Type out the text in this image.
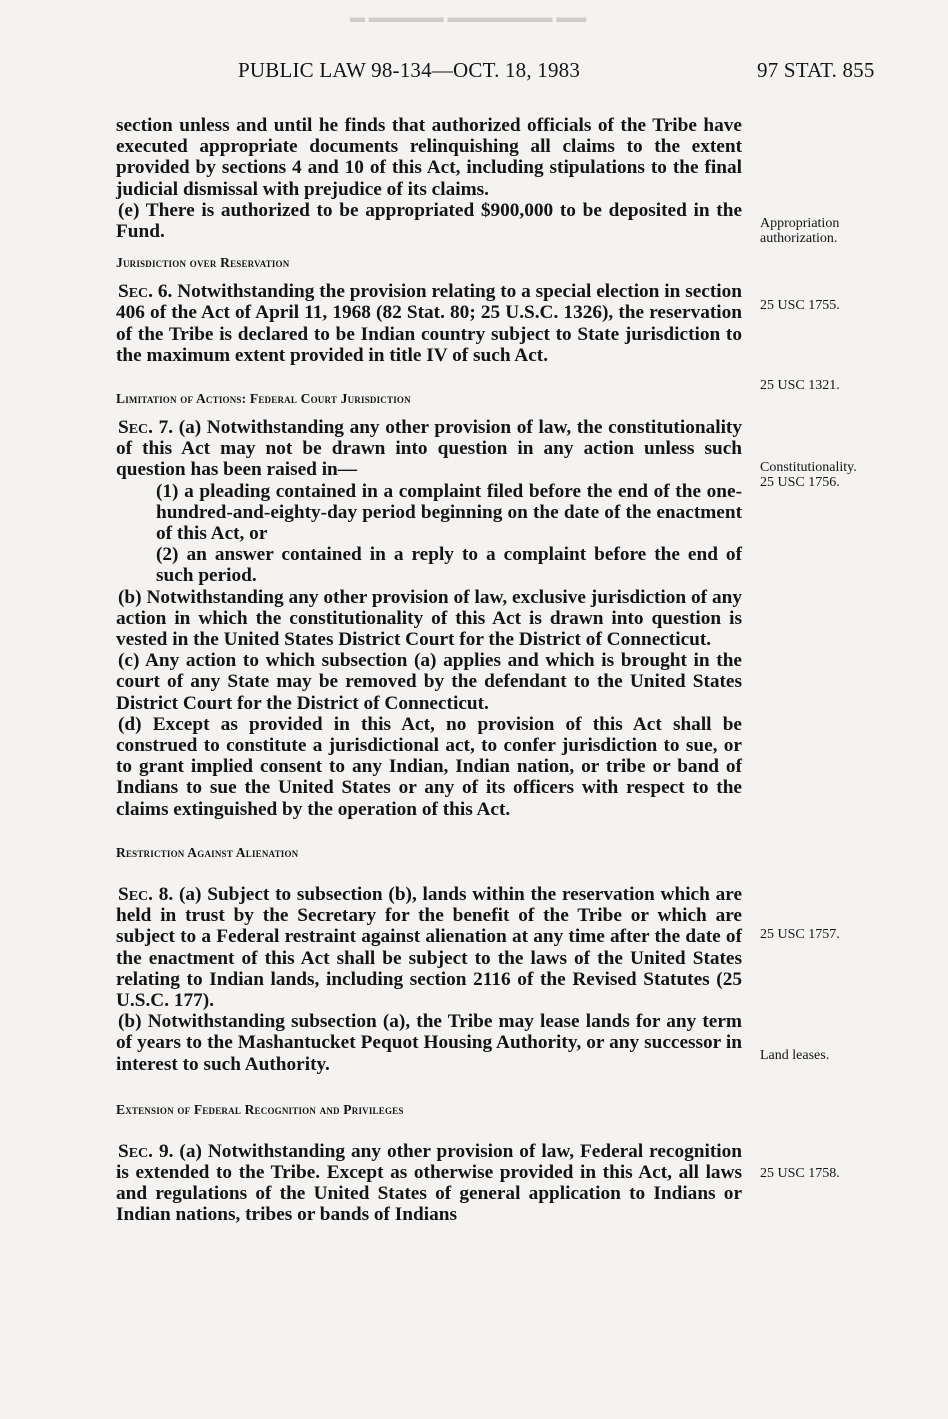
▬ ▬▬▬▬▬ ▬▬▬▬▬▬▬ ▬▬
PUBLIC LAW 98-134—OCT. 18, 1983	97 STAT. 855

section unless and until he finds that authorized officials of the Tribe have executed appropriate documents relinquishing all claims to the extent provided by sections 4 and 10 of this Act, including stipulations to the final judicial dismissal with prejudice of its claims.

(e) There is authorized to be appropriated $900,000 to be deposited in the Fund.

Jurisdiction over Reservation

Sec. 6. Notwithstanding the provision relating to a special election in section 406 of the Act of April 11, 1968 (82 Stat. 80; 25 U.S.C. 1326), the reservation of the Tribe is declared to be Indian country subject to State jurisdiction to the maximum extent provided in title IV of such Act.

Limitation of Actions: Federal Court Jurisdiction

Sec. 7. (a) Notwithstanding any other provision of law, the constitutionality of this Act may not be drawn into question in any action unless such question has been raised in—

(1) a pleading contained in a complaint filed before the end of the one-hundred-and-eighty-day period beginning on the date of the enactment of this Act, or

(2) an answer contained in a reply to a complaint before the end of such period.

(b) Notwithstanding any other provision of law, exclusive jurisdiction of any action in which the constitutionality of this Act is drawn into question is vested in the United States District Court for the District of Connecticut.

(c) Any action to which subsection (a) applies and which is brought in the court of any State may be removed by the defendant to the United States District Court for the District of Connecticut.

(d) Except as provided in this Act, no provision of this Act shall be construed to constitute a jurisdictional act, to confer jurisdiction to sue, or to grant implied consent to any Indian, Indian nation, or tribe or band of Indians to sue the United States or any of its officers with respect to the claims extinguished by the operation of this Act.

Restriction Against Alienation

Sec. 8. (a) Subject to subsection (b), lands within the reservation which are held in trust by the Secretary for the benefit of the Tribe or which are subject to a Federal restraint against alienation at any time after the date of the enactment of this Act shall be subject to the laws of the United States relating to Indian lands, including section 2116 of the Revised Statutes (25 U.S.C. 177).

(b) Notwithstanding subsection (a), the Tribe may lease lands for any term of years to the Mashantucket Pequot Housing Authority, or any successor in interest to such Authority.

Extension of Federal Recognition and Privileges

Sec. 9. (a) Notwithstanding any other provision of law, Federal recognition is extended to the Tribe. Except as otherwise provided in this Act, all laws and regulations of the United States of general application to Indians or Indian nations, tribes or bands of Indians

Appropriation
authorization.
25 USC 1755.
25 USC 1321.
Constitutionality.
25 USC 1756.
25 USC 1757.
Land leases.
25 USC 1758.
